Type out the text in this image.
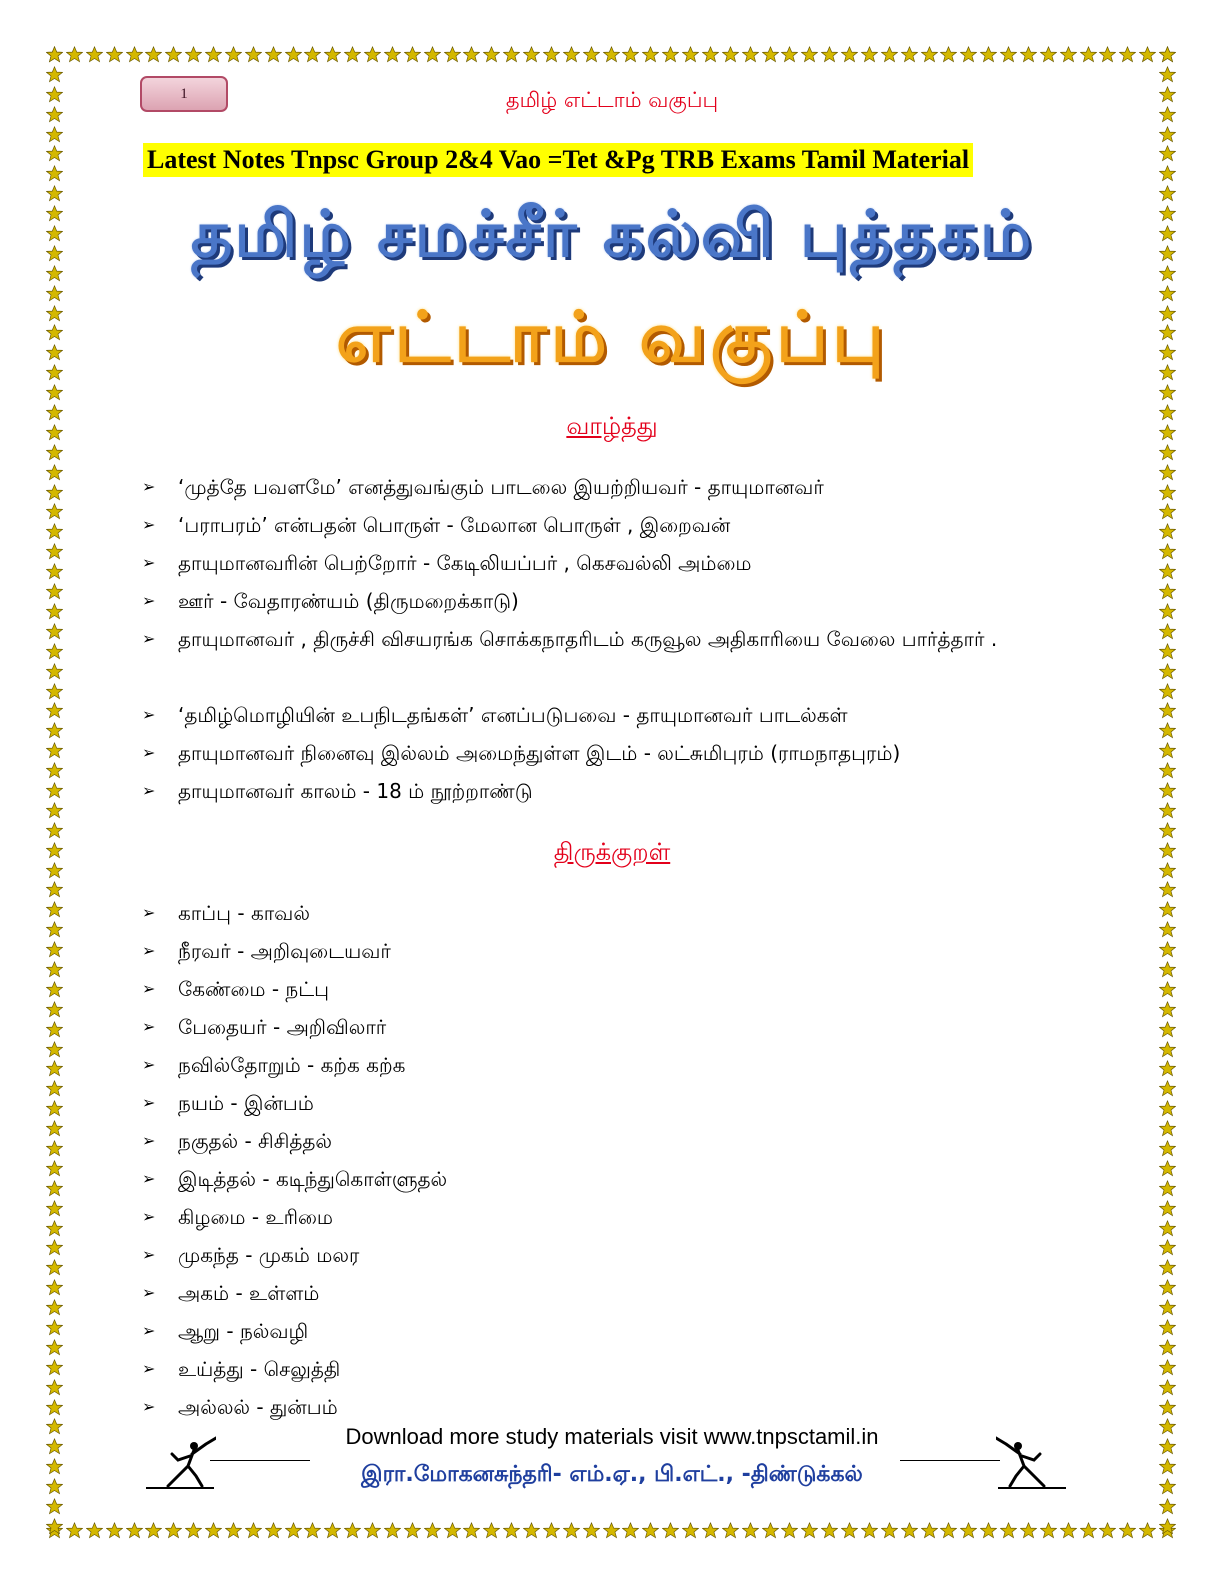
1	தமிழ் எட்டாம் வகுப்பு
Latest Notes Tnpsc Group 2&4 Vao =Tet &Pg TRB Exams Tamil Material
தமிழ் சமச்சீர் கல்வி புத்தகம்
எட்டாம் வகுப்பு
வாழ்த்து
➢ ‘முத்தே பவளமே’ எனத்துவங்கும் பாடலை இயற்றியவர் - தாயுமானவர்
➢ ‘பராபரம்’ என்பதன் பொருள் - மேலான பொருள் , இறைவன்
➢ தாயுமானவரின் பெற்றோர் - கேடிலியப்பர் , கெசவல்லி அம்மை
➢ ஊர் - வேதாரண்யம் (திருமறைக்காடு)
➢ தாயுமானவர் , திருச்சி விசயரங்க சொக்கநாதரிடம் கருவூல அதிகாரியை வேலை பார்த்தார் .
➢ ‘தமிழ்மொழியின் உபநிடதங்கள்’ எனப்படுபவை - தாயுமானவர் பாடல்கள்
➢ தாயுமானவர் நினைவு இல்லம் அமைந்துள்ள இடம் - லட்சுமிபுரம் (ராமநாதபுரம்)
➢ தாயுமானவர் காலம் - 18 ம் நூற்றாண்டு
திருக்குறள்
➢ காப்பு - காவல்
➢ நீரவர் - அறிவுடையவர்
➢ கேண்மை - நட்பு
➢ பேதையர் - அறிவிலார்
➢ நவில்தோறும் - கற்க கற்க
➢ நயம் - இன்பம்
➢ நகுதல் - சிசித்தல்
➢ இடித்தல் - கடிந்துகொள்ளுதல்
➢ கிழமை - உரிமை
➢ முகந்த - முகம் மலர
➢ அகம் - உள்ளம்
➢ ஆறு - நல்வழி
➢ உய்த்து - செலுத்தி
➢ அல்லல் - துன்பம்
Download more study materials visit www.tnpsctamil.in
இரா.மோகனசுந்தரி- எம்.ஏ., பி.எட்., -திண்டுக்கல்
